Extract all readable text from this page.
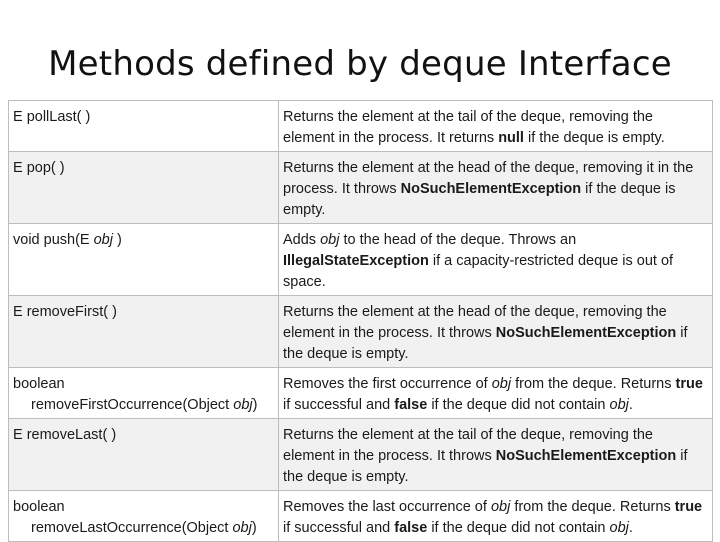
Methods defined by deque Interface
E pollLast( )	Returns the element at the tail of the deque, removing the element in the process. It returns null if the deque is empty.
E pop( )	Returns the element at the head of the deque, removing it in the process. It throws NoSuchElementException if the deque is empty.
void push(E obj )	Adds obj to the head of the deque. Throws an IllegalStateException if a capacity-restricted deque is out of space.
E removeFirst( )	Returns the element at the head of the deque, removing the element in the process. It throws NoSuchElementException if the deque is empty.
boolean
removeFirstOccurrence(Object obj)	Removes the first occurrence of obj from the deque. Returns true if successful and false if the deque did not contain obj.
E removeLast( )	Returns the element at the tail of the deque, removing the element in the process. It throws NoSuchElementException if the deque is empty.
boolean
removeLastOccurrence(Object obj)	Removes the last occurrence of obj from the deque. Returns true if successful and false if the deque did not contain obj.
